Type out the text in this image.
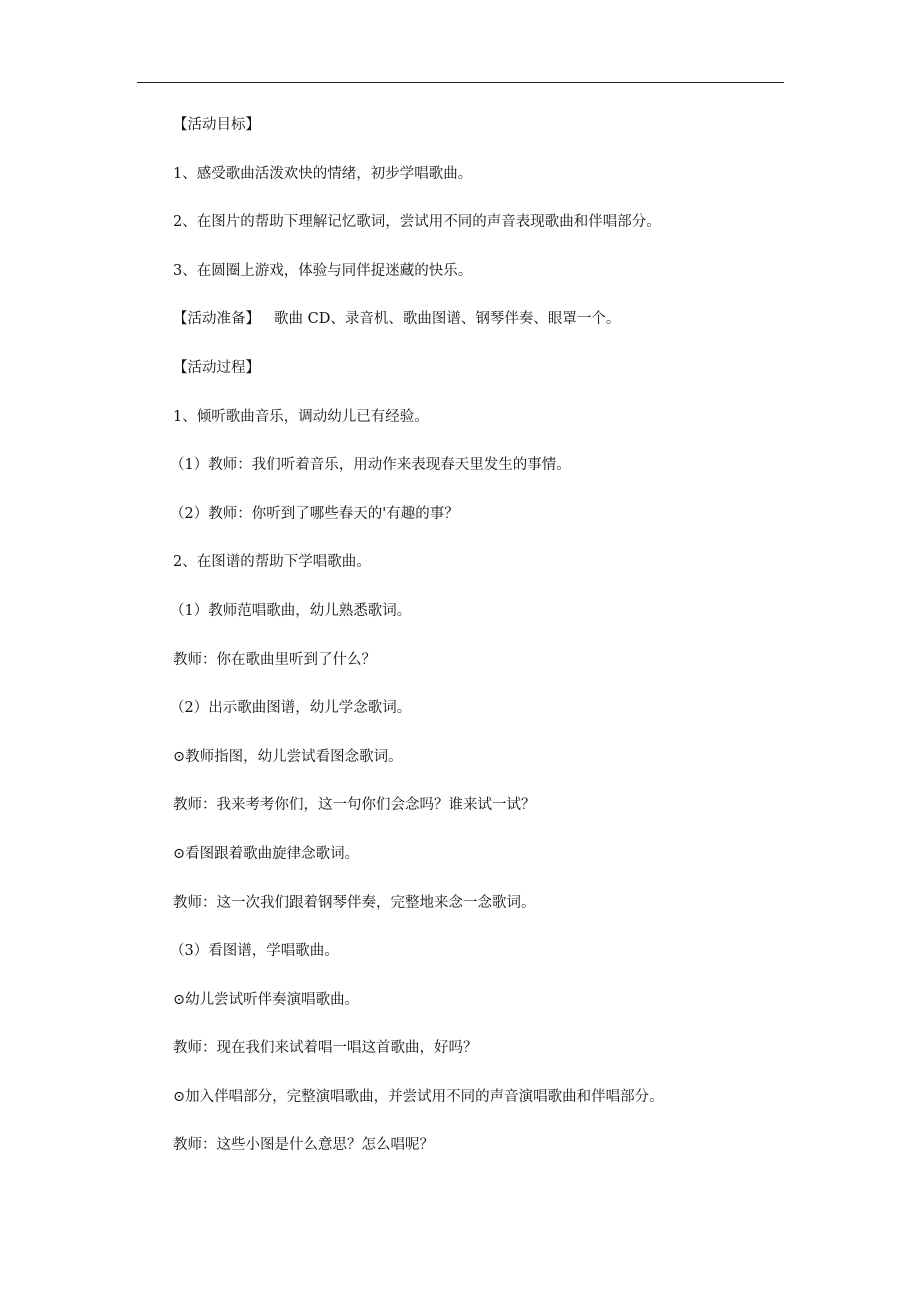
【活动目标】
1、感受歌曲活泼欢快的情绪，初步学唱歌曲。
2、在图片的帮助下理解记忆歌词，尝试用不同的声音表现歌曲和伴唱部分。
3、在圆圈上游戏，体验与同伴捉迷藏的快乐。
【活动准备】 歌曲 CD、录音机、歌曲图谱、钢琴伴奏、眼罩一个。
【活动过程】
1、倾听歌曲音乐，调动幼儿已有经验。
（1）教师：我们听着音乐，用动作来表现春天里发生的事情。
（2）教师：你听到了哪些春天的'有趣的事？
2、在图谱的帮助下学唱歌曲。
（1）教师范唱歌曲，幼儿熟悉歌词。
教师：你在歌曲里听到了什么？
（2）出示歌曲图谱，幼儿学念歌词。
⊙教师指图，幼儿尝试看图念歌词。
教师：我来考考你们，这一句你们会念吗？谁来试一试？
⊙看图跟着歌曲旋律念歌词。
教师：这一次我们跟着钢琴伴奏，完整地来念一念歌词。
（3）看图谱，学唱歌曲。
⊙幼儿尝试听伴奏演唱歌曲。
教师：现在我们来试着唱一唱这首歌曲，好吗？
⊙加入伴唱部分，完整演唱歌曲，并尝试用不同的声音演唱歌曲和伴唱部分。
教师：这些小图是什么意思？怎么唱呢？
